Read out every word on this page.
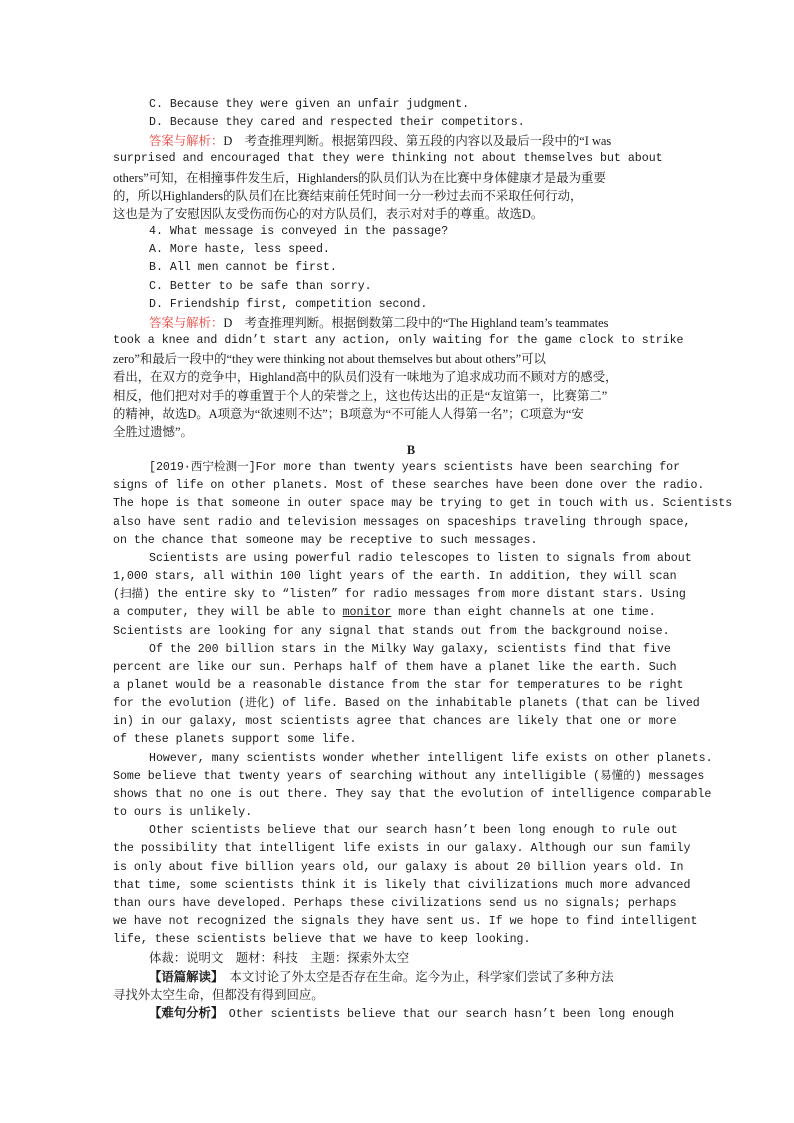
C. Because they were given an unfair judgment.
D. Because they cared and respected their competitors.
答案与解析：D　考查推理判断。根据第四段、第五段的内容以及最后一段中的“I was
surprised and encouraged that they were thinking not about themselves but about
others”可知，在相撞事件发生后，Highlanders的队员们认为在比赛中身体健康才是最为重要
的，所以Highlanders的队员们在比赛结束前任凭时间一分一秒过去而不采取任何行动，
这也是为了安慰因队友受伤而伤心的对方队员们，表示对对手的尊重。故选D。
4. What message is conveyed in the passage?
A. More haste, less speed.
B. All men cannot be first.
C. Better to be safe than sorry.
D. Friendship first, competition second.
答案与解析：D　考查推理判断。根据倒数第二段中的“The Highland team’s teammates
took a knee and didn’t start any action, only waiting for the game clock to strike
zero”和最后一段中的“they were thinking not about themselves but about others”可以
看出，在双方的竞争中，Highland高中的队员们没有一味地为了追求成功而不顾对方的感受，
相反，他们把对对手的尊重置于个人的荣誉之上，这也传达出的正是“友谊第一，比赛第二”
的精神，故选D。A项意为“欲速则不达”；B项意为“不可能人人得第一名”；C项意为“安
全胜过遗憾”。
B
[2019·西宁检测一]For more than twenty years scientists have been searching for
signs of life on other planets. Most of these searches have been done over the radio.
The hope is that someone in outer space may be trying to get in touch with us. Scientists
also have sent radio and television messages on spaceships traveling through space,
on the chance that someone may be receptive to such messages.
Scientists are using powerful radio telescopes to listen to signals from about
1,000 stars, all within 100 light years of the earth. In addition, they will scan
(扫描) the entire sky to “listen” for radio messages from more distant stars. Using
a computer, they will be able to monitor more than eight channels at one time.
Scientists are looking for any signal that stands out from the background noise.
Of the 200 billion stars in the Milky Way galaxy, scientists find that five
percent are like our sun. Perhaps half of them have a planet like the earth. Such
a planet would be a reasonable distance from the star for temperatures to be right
for the evolution (进化) of life. Based on the inhabitable planets (that can be lived
in) in our galaxy, most scientists agree that chances are likely that one or more
of these planets support some life.
However, many scientists wonder whether intelligent life exists on other planets.
Some believe that twenty years of searching without any intelligible (易懂的) messages
shows that no one is out there. They say that the evolution of intelligence comparable
to ours is unlikely.
Other scientists believe that our search hasn’t been long enough to rule out
the possibility that intelligent life exists in our galaxy. Although our sun family
is only about five billion years old, our galaxy is about 20 billion years old. In
that time, some scientists think it is likely that civilizations much more advanced
than ours have developed. Perhaps these civilizations send us no signals; perhaps
we have not recognized the signals they have sent us. If we hope to find intelligent
life, these scientists believe that we have to keep looking.
体裁：说明文　题材：科技　主题：探索外太空
【语篇解读】　本文讨论了外太空是否存在生命。迄今为止，科学家们尝试了多种方法
寻找外太空生命，但都没有得到回应。
【难句分析】　Other scientists believe that our search hasn’t been long enough
